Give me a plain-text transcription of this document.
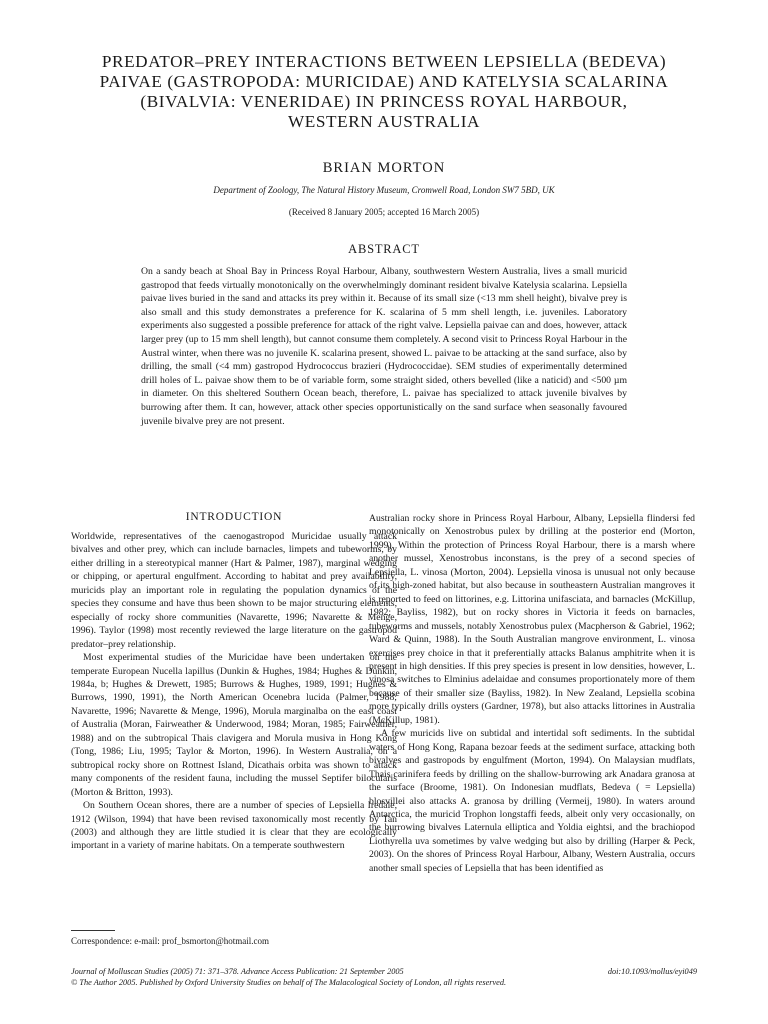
PREDATOR–PREY INTERACTIONS BETWEEN LEPSIELLA (BEDEVA)
PAIVAE (GASTROPODA: MURICIDAE) AND KATELYSIA SCALARINA
(BIVALVIA: VENERIDAE) IN PRINCESS ROYAL HARBOUR,
WESTERN AUSTRALIA
BRIAN MORTON

Department of Zoology, The Natural History Museum, Cromwell Road, London SW7 5BD, UK

(Received 8 January 2005; accepted 16 March 2005)

ABSTRACT

On a sandy beach at Shoal Bay in Princess Royal Harbour, Albany, southwestern Western Australia, lives a small muricid gastropod that feeds virtually monotonically on the overwhelmingly dominant resident bivalve Katelysia scalarina. Lepsiella paivae lives buried in the sand and attacks its prey within it. Because of its small size (<13 mm shell height), bivalve prey is also small and this study demonstrates a preference for K. scalarina of 5 mm shell length, i.e. juveniles. Laboratory experiments also suggested a possible preference for attack of the right valve. Lepsiella paivae can and does, however, attack larger prey (up to 15 mm shell length), but cannot consume them completely. A second visit to Princess Royal Harbour in the Austral winter, when there was no juvenile K. scalarina present, showed L. paivae to be attacking at the sand surface, also by drilling, the small (<4 mm) gastropod Hydrococcus brazieri (Hydrococcidae). SEM studies of experimentally determined drill holes of L. paivae show them to be of variable form, some straight sided, others bevelled (like a naticid) and <500 µm in diameter. On this sheltered Southern Ocean beach, therefore, L. paivae has specialized to attack juvenile bivalves by burrowing after them. It can, however, attack other species opportunistically on the sand surface when seasonally favoured juvenile bivalve prey are not present.

INTRODUCTION

Worldwide, representatives of the caenogastropod Muricidae usually attack bivalves and other prey, which can include barnacles, limpets and tubeworms, by either drilling in a stereotypical manner (Hart & Palmer, 1987), marginal wedging or chipping, or apertural engulfment. According to habitat and prey availability, muricids play an important role in regulating the population dynamics of the species they consume and have thus been shown to be major structuring elements, especially of rocky shore communities (Navarette, 1996; Navarette & Menge, 1996). Taylor (1998) most recently reviewed the large literature on the gastropod predator–prey relationship.

Most experimental studies of the Muricidae have been undertaken on the temperate European Nucella lapillus (Dunkin & Hughes, 1984; Hughes & Dunkin, 1984a, b; Hughes & Drewett, 1985; Burrows & Hughes, 1989, 1991; Hughes & Burrows, 1990, 1991), the North American Ocenebra lucida (Palmer, 1988; Navarette, 1996; Navarette & Menge, 1996), Morula marginalba on the east coast of Australia (Moran, Fairweather & Underwood, 1984; Moran, 1985; Fairweather, 1988) and on the subtropical Thais clavigera and Morula musiva in Hong Kong (Tong, 1986; Liu, 1995; Taylor & Morton, 1996). In Western Australia, on a subtropical rocky shore on Rottnest Island, Dicathais orbita was shown to attack many components of the resident fauna, including the mussel Septifer bilocularis (Morton & Britton, 1993).

On Southern Ocean shores, there are a number of species of Lepsiella Iredale, 1912 (Wilson, 1994) that have been revised taxonomically most recently by Tan (2003) and although they are little studied it is clear that they are ecologically important in a variety of marine habitats. On a temperate southwestern

Australian rocky shore in Princess Royal Harbour, Albany, Lepsiella flindersi fed monotonically on Xenostrobus pulex by drilling at the posterior end (Morton, 1999). Within the protection of Princess Royal Harbour, there is a marsh where another mussel, Xenostrobus inconstans, is the prey of a second species of Lepsiella, L. vinosa (Morton, 2004). Lepsiella vinosa is unusual not only because of its high-zoned habitat, but also because in southeastern Australian mangroves it is reported to feed on littorines, e.g. Littorina unifasciata, and barnacles (McKillup, 1982; Bayliss, 1982), but on rocky shores in Victoria it feeds on barnacles, tubeworms and mussels, notably Xenostrobus pulex (Macpherson & Gabriel, 1962; Ward & Quinn, 1988). In the South Australian mangrove environment, L. vinosa exercises prey choice in that it preferentially attacks Balanus amphitrite when it is present in high densities. If this prey species is present in low densities, however, L. vinosa switches to Elminius adelaidae and consumes proportionately more of them because of their smaller size (Bayliss, 1982). In New Zealand, Lepsiella scobina more typically drills oysters (Gardner, 1978), but also attacks littorines in Australia (McKillup, 1981).

A few muricids live on subtidal and intertidal soft sediments. In the subtidal waters of Hong Kong, Rapana bezoar feeds at the sediment surface, attacking both bivalves and gastropods by engulfment (Morton, 1994). On Malaysian mudflats, Thais carinifera feeds by drilling on the shallow-burrowing ark Anadara granosa at the surface (Broome, 1981). On Indonesian mudflats, Bedeva ( = Lepsiella) blosvillei also attacks A. granosa by drilling (Vermeij, 1980). In waters around Antarctica, the muricid Trophon longstaffi feeds, albeit only very occasionally, on the burrowing bivalves Laternula elliptica and Yoldia eightsi, and the brachiopod Liothyrella uva sometimes by valve wedging but also by drilling (Harper & Peck, 2003). On the shores of Princess Royal Harbour, Albany, Western Australia, occurs another small species of Lepsiella that has been identified as

Correspondence: e-mail: prof_bsmorton@hotmail.com

Journal of Molluscan Studies (2005) 71: 371–378. Advance Access Publication: 21 September 2005	doi:10.1093/mollus/eyi049
© The Author 2005. Published by Oxford University Studies on behalf of The Malacological Society of London, all rights reserved.
